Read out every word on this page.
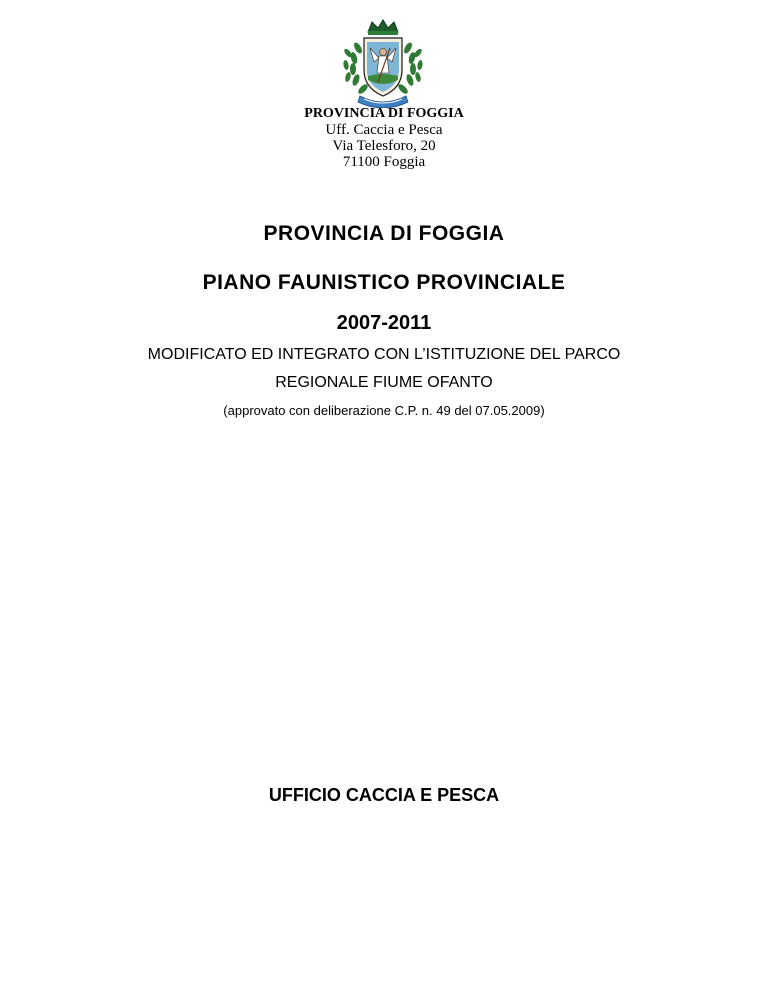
PROVINCIA DI FOGGIA
Uff. Caccia e Pesca
Via Telesforo, 20
71100 Foggia
PROVINCIA DI FOGGIA
PIANO FAUNISTICO PROVINCIALE
2007-2011
MODIFICATO ED INTEGRATO CON L’ISTITUZIONE DEL PARCO
REGIONALE FIUME OFANTO
(approvato con deliberazione C.P. n. 49 del 07.05.2009)
UFFICIO CACCIA E PESCA
